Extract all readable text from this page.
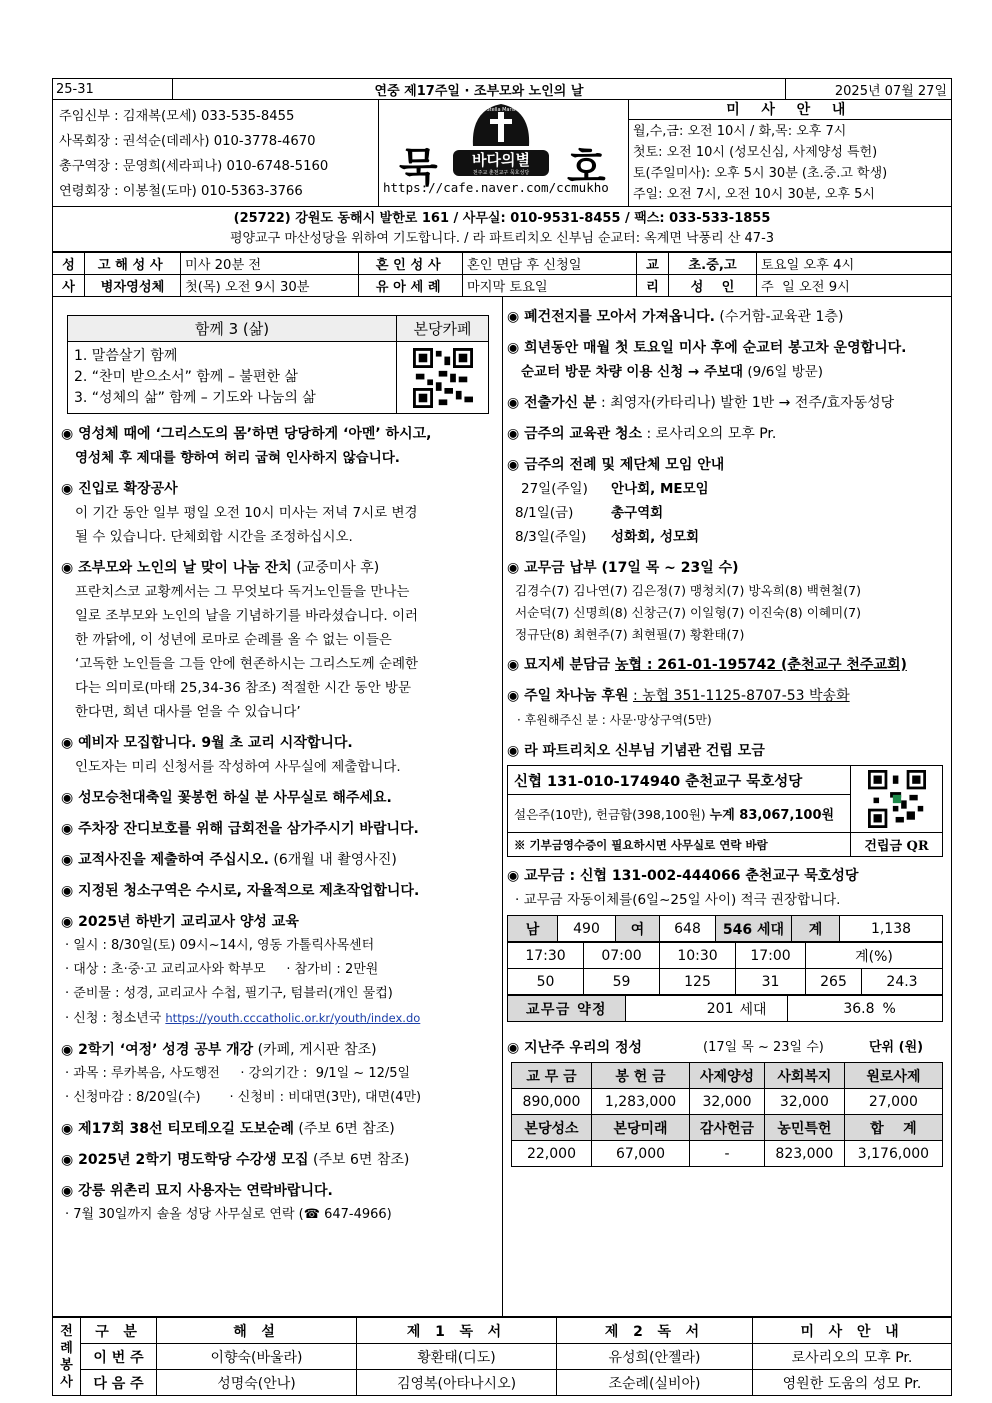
25-31	연중 제17주일 · 조부모와 노인의 날	2025년 07월 27일
주임신부 : 김재복(모세) 033-535-8455
사목회장 : 권석순(데레사) 010-3778-4670
총구역장 : 문영희(세라피나) 010-6748-5160
연령회장 : 이봉철(도마) 010-5363-3766
묵
Stella Maris
바다의별
천주교 춘천교구 묵호성당 호
https://cafe.naver.com/ccmukho
미 사 안 내
월,수,금: 오전 10시 / 화,목: 오후 7시
첫토: 오전 10시 (성모신심, 사제양성 특헌)
토(주일미사): 오후 5시 30분 (초.중.고 학생)
주일: 오전 7시, 오전 10시 30분, 오후 5시
(25722) 강원도 동해시 발한로 161 / 사무실: 010-9531-8455 / 팩스: 033-533-1855
평양교구 마산성당을 위하여 기도합니다. / 라 파트리치오 신부님 순교터: 옥계면 낙풍리 산 47-3
성	고해성사	미사 20분 전	혼인성사	혼인 면담 후 신청일	교	초.중,고	토요일 오후 4시
사	병자영성체	첫(목) 오전 9시 30분	유아세례	마지막 토요일	리	성    인	주  일 오전 9시
함께 3 (삶)	본당카페

1. 말씀살기 함께
2. “찬미 받으소서” 함께 – 불편한 삶
3. “성체의 삶” 함께 – 기도와 나눔의 삶

◉ 영성체 때에 ‘그리스도의 몸’하면 당당하게 ‘아멘’ 하시고,
영성체 후 제대를 향하여 허리 굽혀 인사하지 않습니다.
◉ 진입로 확장공사
이 기간 동안 일부 평일 오전 10시 미사는 저녁 7시로 변경
될 수 있습니다. 단체회합 시간을 조정하십시오.
◉ 조부모와 노인의 날 맞이 나눔 잔치 (교중미사 후)
프란치스코 교황께서는 그 무엇보다 독거노인들을 만나는
일로 조부모와 노인의 날을 기념하기를 바라셨습니다. 이러
한 까닭에, 이 성년에 로마로 순례를 올 수 없는 이들은
‘고독한 노인들을 그들 안에 현존하시는 그리스도께 순례한
다는 의미로(마태 25,34-36 참조) 적절한 시간 동안 방문
한다면, 희년 대사를 얻을 수 있습니다’
◉ 예비자 모집합니다. 9월 초 교리 시작합니다.
인도자는 미리 신청서를 작성하여 사무실에 제출합니다.
◉ 성모승천대축일 꽃봉헌 하실 분 사무실로 해주세요.
◉ 주차장 잔디보호를 위해 급회전을 삼가주시기 바랍니다.
◉ 교적사진을 제출하여 주십시오. (6개월 내 촬영사진)
◉ 지정된 청소구역은 수시로, 자율적으로 제초작업합니다.
◉ 2025년 하반기 교리교사 양성 교육
· 일시 : 8/30일(토) 09시~14시, 영동 가톨릭사목센터
· 대상 : 초·중·고 교리교사와 학부모     · 참가비 : 2만원
· 준비물 : 성경, 교리교사 수첩, 필기구, 텀블러(개인 물컵)
· 신청 : 청소년국 https://youth.cccatholic.or.kr/youth/index.do
◉ 2학기 ‘여정’ 성경 공부 개강 (카페, 게시판 참조)
· 과목 : 루카복음, 사도행전     · 강의기간 :  9/1일 ~ 12/5일
· 신청마감 : 8/20일(수)       · 신청비 : 비대면(3만), 대면(4만)
◉ 제17회 38선 티모테오길 도보순례 (주보 6면 참조)
◉ 2025년 2학기 명도학당 수강생 모집 (주보 6면 참조)
◉ 강릉 위촌리 묘지 사용자는 연락바랍니다.
· 7월 30일까지 솔올 성당 사무실로 연락 (☎ 647-4966)
◉ 폐건전지를 모아서 가져옵니다. (수거함-교육관 1층)
◉ 희년동안 매월 첫 토요일 미사 후에 순교터 봉고차 운영합니다.
순교터 방문 차량 이용 신청 → 주보대 (9/6일 방문)
◉ 전출가신 분 : 최영자(카타리나) 발한 1반 → 전주/효자동성당
◉ 금주의 교육관 청소 : 로사리오의 모후 Pr.
◉ 금주의 전례 및 제단체 모임 안내
27일(주일) 안나회, ME모임
8/1일(금)	총구역회
8/3일(주일) 성화회, 성모회
◉ 교무금 납부 (17일 목 ~ 23일 수)
김경수(7) 김나연(7) 김은정(7) 맹청치(7) 방옥희(8) 백현철(7)
서순덕(7) 신명희(8) 신창근(7) 이일형(7) 이진숙(8) 이혜미(7)
정규단(8) 최현주(7) 최현필(7) 황환태(7)
◉ 묘지세 분담금 농협 : 261-01-195742 (춘천교구 천주교회)
◉ 주일 차나눔 후원 : 농협 351-1125-8707-53 박송화
· 후원해주신 분 : 사문·망상구역(5만)
◉ 라 파트리치오 신부님 기념관 건립 모금
신협 131-010-174940 춘천교구 묵호성당	

설은주(10만), 헌금함(398,100원) 누계 83,067,100원	
※ 기부금영수증이 필요하시면 사무실로 연락 바람	건립금 QR
◉ 교무금 : 신협 131-002-444066 춘천교구 묵호성당
· 교무금 자동이체를(6일~25일 사이) 적극 권장합니다.
남	490	여	648	546 세대	계	1,138
17:30	07:00	10:30	17:00	계(%)	
50	59	125	31	265	24.3
교무금 약정	201	세대	36.8	%
◉ 지난주 우리의 정성	(17일 목 ~ 23일 수)	단위 (원)
교 무 금	봉 헌 금	사제양성	사회복지	원로사제
890,000	1,283,000	32,000	32,000	27,000
본당성소	본당미래	감사헌금	농민특헌	합    계
22,000	67,000	-	823,000	3,176,000
전례봉사	구 분	해 설	제 1 독 서	제 2 독 서	미 사 안 내
	이 번 주	이향숙(바울라)	황환태(디도)	유성희(안젤라)	로사리오의 모후 Pr.
	다 음 주	성명숙(안나)	김영복(아타나시오)	조순례(실비아)	영원한 도움의 성모 Pr.
